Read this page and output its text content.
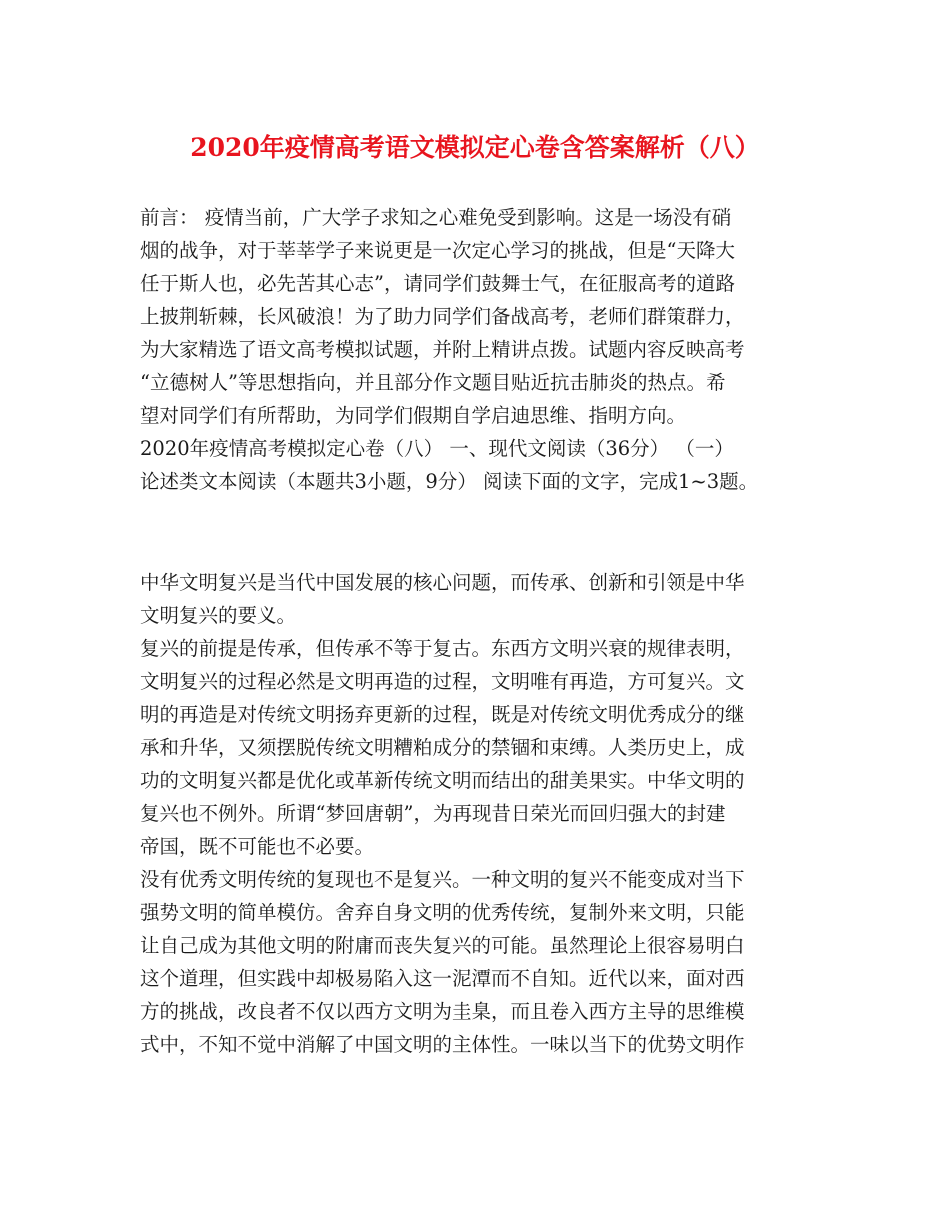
2020年疫情高考语文模拟定心卷含答案解析（八）
前言： 疫情当前，广大学子求知之心难免受到影响。这是一场没有硝
烟的战争，对于莘莘学子来说更是一次定心学习的挑战，但是“天降大
任于斯人也，必先苦其心志”，请同学们鼓舞士气，在征服高考的道路
上披荆斩棘，长风破浪！为了助力同学们备战高考，老师们群策群力，
为大家精选了语文高考模拟试题，并附上精讲点拨。试题内容反映高考
“立德树人”等思想指向，并且部分作文题目贴近抗击肺炎的热点。希
望对同学们有所帮助，为同学们假期自学启迪思维、指明方向。
2020年疫情高考模拟定心卷（八） 一、现代文阅读（36分） （一）
论述类文本阅读（本题共3小题，9分） 阅读下面的文字，完成1~3题。
中华文明复兴是当代中国发展的核心问题，而传承、创新和引领是中华
文明复兴的要义。
复兴的前提是传承，但传承不等于复古。东西方文明兴衰的规律表明，
文明复兴的过程必然是文明再造的过程，文明唯有再造，方可复兴。文
明的再造是对传统文明扬弃更新的过程，既是对传统文明优秀成分的继
承和升华，又须摆脱传统文明糟粕成分的禁锢和束缚。人类历史上，成
功的文明复兴都是优化或革新传统文明而结出的甜美果实。中华文明的
复兴也不例外。所谓“梦回唐朝”，为再现昔日荣光而回归强大的封建
帝国，既不可能也不必要。
没有优秀文明传统的复现也不是复兴。一种文明的复兴不能变成对当下
强势文明的简单模仿。舍弃自身文明的优秀传统，复制外来文明，只能
让自己成为其他文明的附庸而丧失复兴的可能。虽然理论上很容易明白
这个道理，但实践中却极易陷入这一泥潭而不自知。近代以来，面对西
方的挑战，改良者不仅以西方文明为圭臬，而且卷入西方主导的思维模
式中，不知不觉中消解了中国文明的主体性。一味以当下的优势文明作
